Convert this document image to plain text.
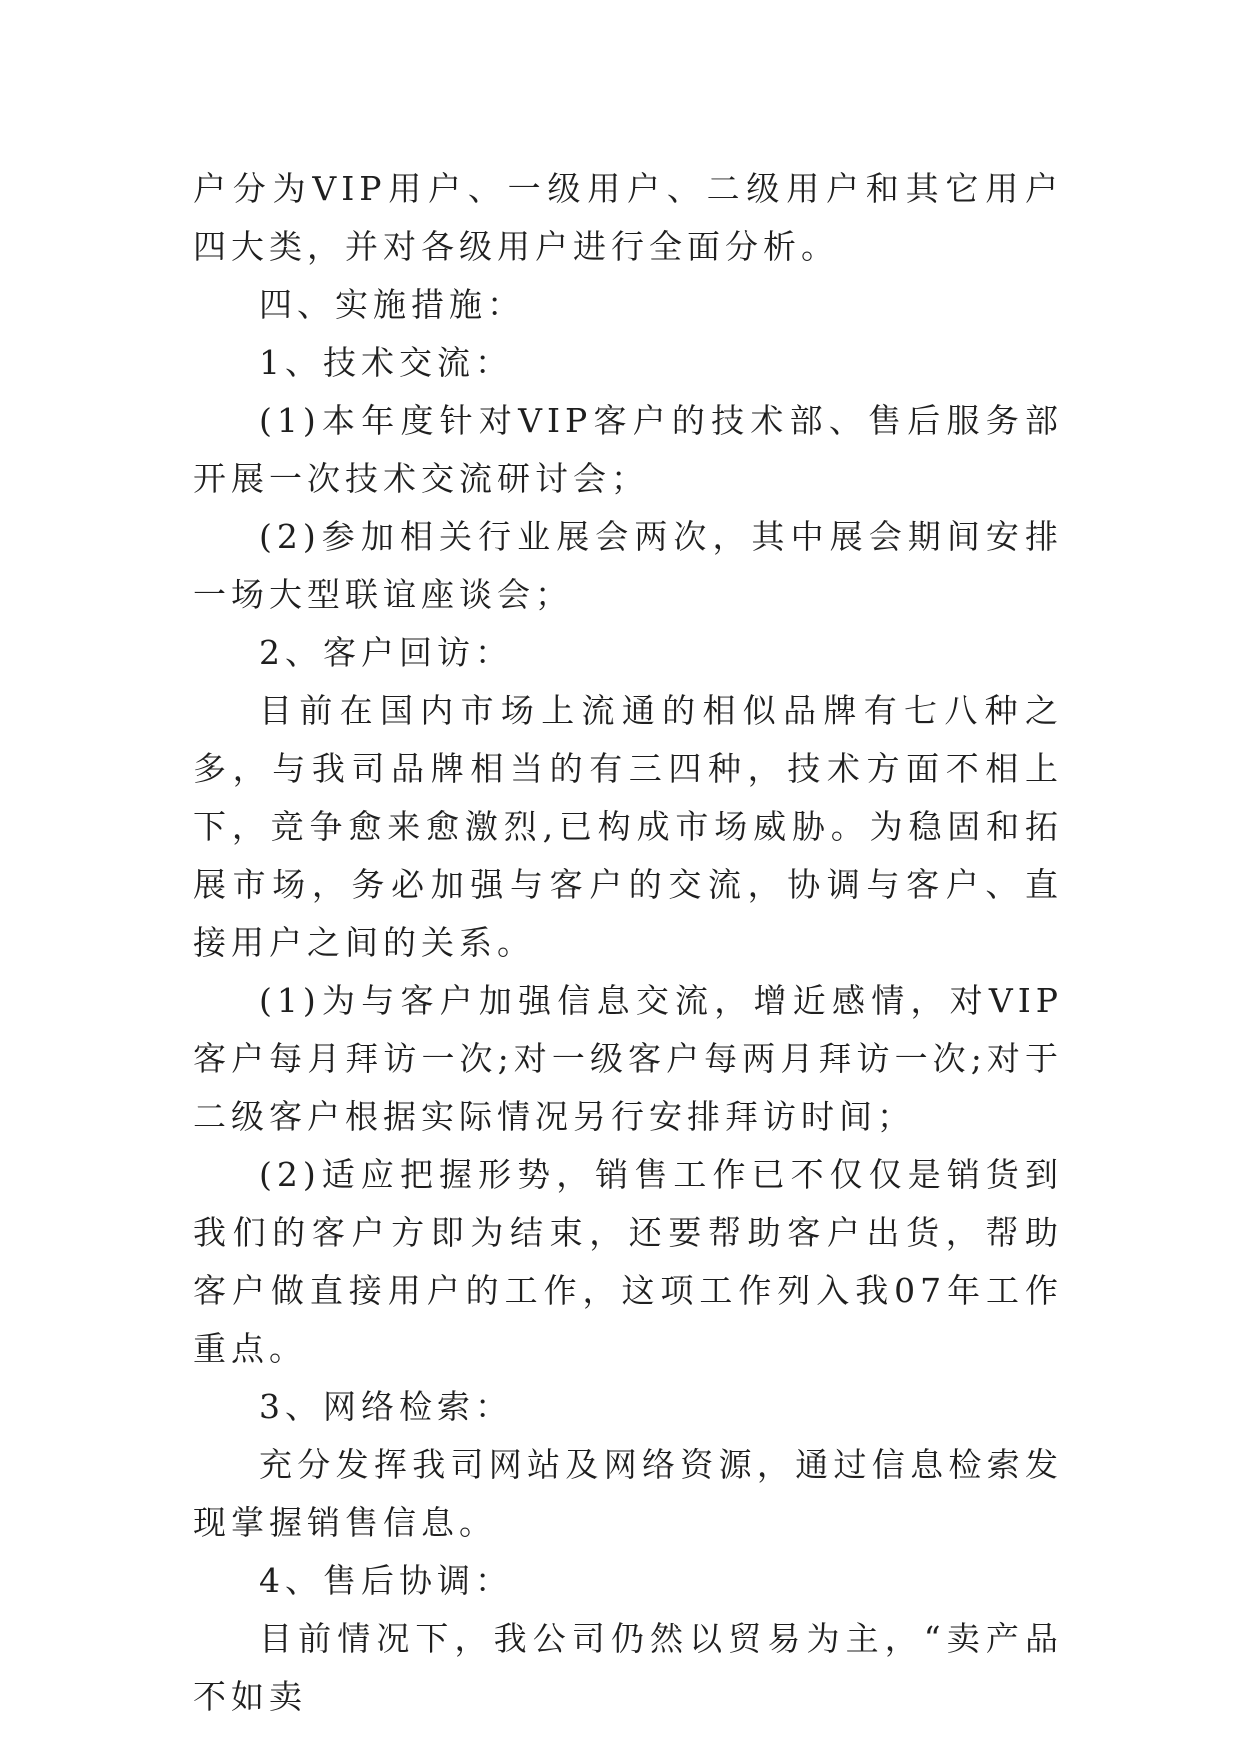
户分为VIP用户、一级用户、二级用户和其它用户四大类，并对各级用户进行全面分析。

四、实施措施：

1、技术交流：

(1)本年度针对VIP客户的技术部、售后服务部开展一次技术交流研讨会；

(2)参加相关行业展会两次，其中展会期间安排一场大型联谊座谈会；

2、客户回访：

目前在国内市场上流通的相似品牌有七八种之多，与我司品牌相当的有三四种，技术方面不相上下，竞争愈来愈激烈,已构成市场威胁。为稳固和拓展市场，务必加强与客户的交流，协调与客户、直接用户之间的关系。

(1)为与客户加强信息交流，增近感情，对VIP客户每月拜访一次;对一级客户每两月拜访一次;对于二级客户根据实际情况另行安排拜访时间；

(2)适应把握形势，销售工作已不仅仅是销货到我们的客户方即为结束，还要帮助客户出货，帮助客户做直接用户的工作，这项工作列入我07年工作重点。

3、网络检索：

充分发挥我司网站及网络资源，通过信息检索发现掌握销售信息。

4、售后协调：

目前情况下，我公司仍然以贸易为主，“卖产品不如卖
